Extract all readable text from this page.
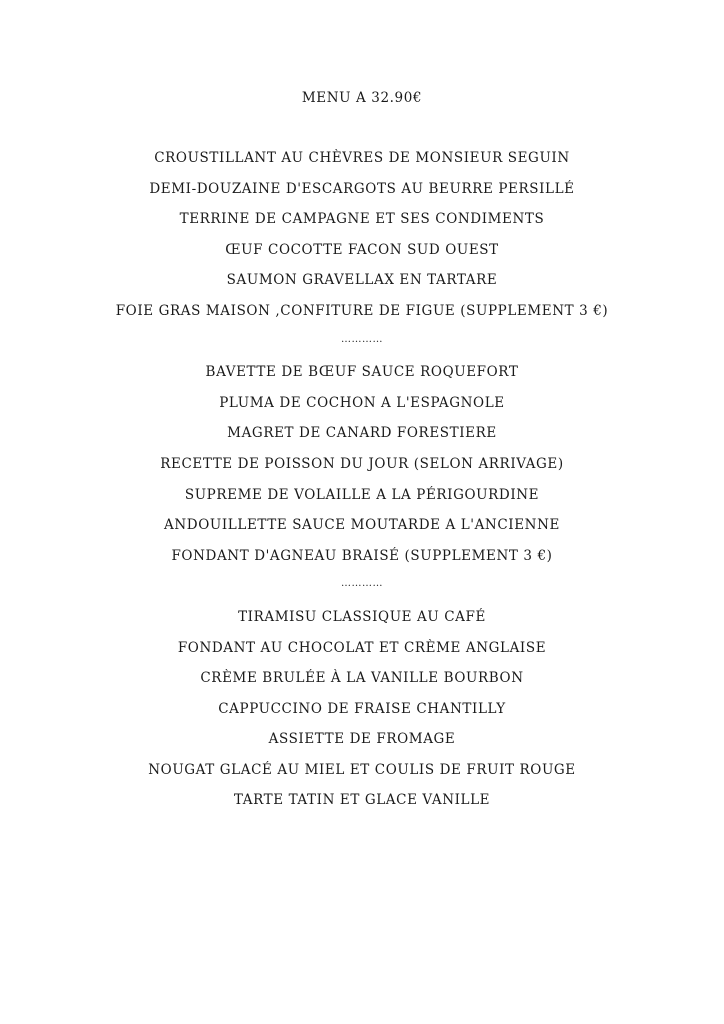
MENU A 32.90€
CROUSTILLANT AU CHÈVRES DE MONSIEUR SEGUIN
DEMI-DOUZAINE D'ESCARGOTS AU BEURRE PERSILLÉ
TERRINE DE CAMPAGNE ET SES CONDIMENTS
ŒUF COCOTTE FACON SUD OUEST
SAUMON GRAVELLAX EN TARTARE
FOIE GRAS MAISON ,CONFITURE DE FIGUE (SUPPLEMENT 3 €)
…………
BAVETTE DE BŒUF SAUCE ROQUEFORT
PLUMA DE COCHON A L'ESPAGNOLE
MAGRET DE CANARD FORESTIERE
RECETTE DE POISSON DU JOUR (SELON ARRIVAGE)
SUPREME DE VOLAILLE A LA PÉRIGOURDINE
ANDOUILLETTE SAUCE MOUTARDE A L'ANCIENNE
FONDANT D'AGNEAU BRAISÉ (SUPPLEMENT 3 €)
…………
TIRAMISU CLASSIQUE AU CAFÉ
FONDANT AU CHOCOLAT ET CRÈME ANGLAISE
CRÈME BRULÉE À LA VANILLE BOURBON
CAPPUCCINO DE FRAISE CHANTILLY
ASSIETTE DE FROMAGE
NOUGAT GLACÉ AU MIEL ET COULIS DE FRUIT ROUGE
TARTE TATIN ET GLACE VANILLE
